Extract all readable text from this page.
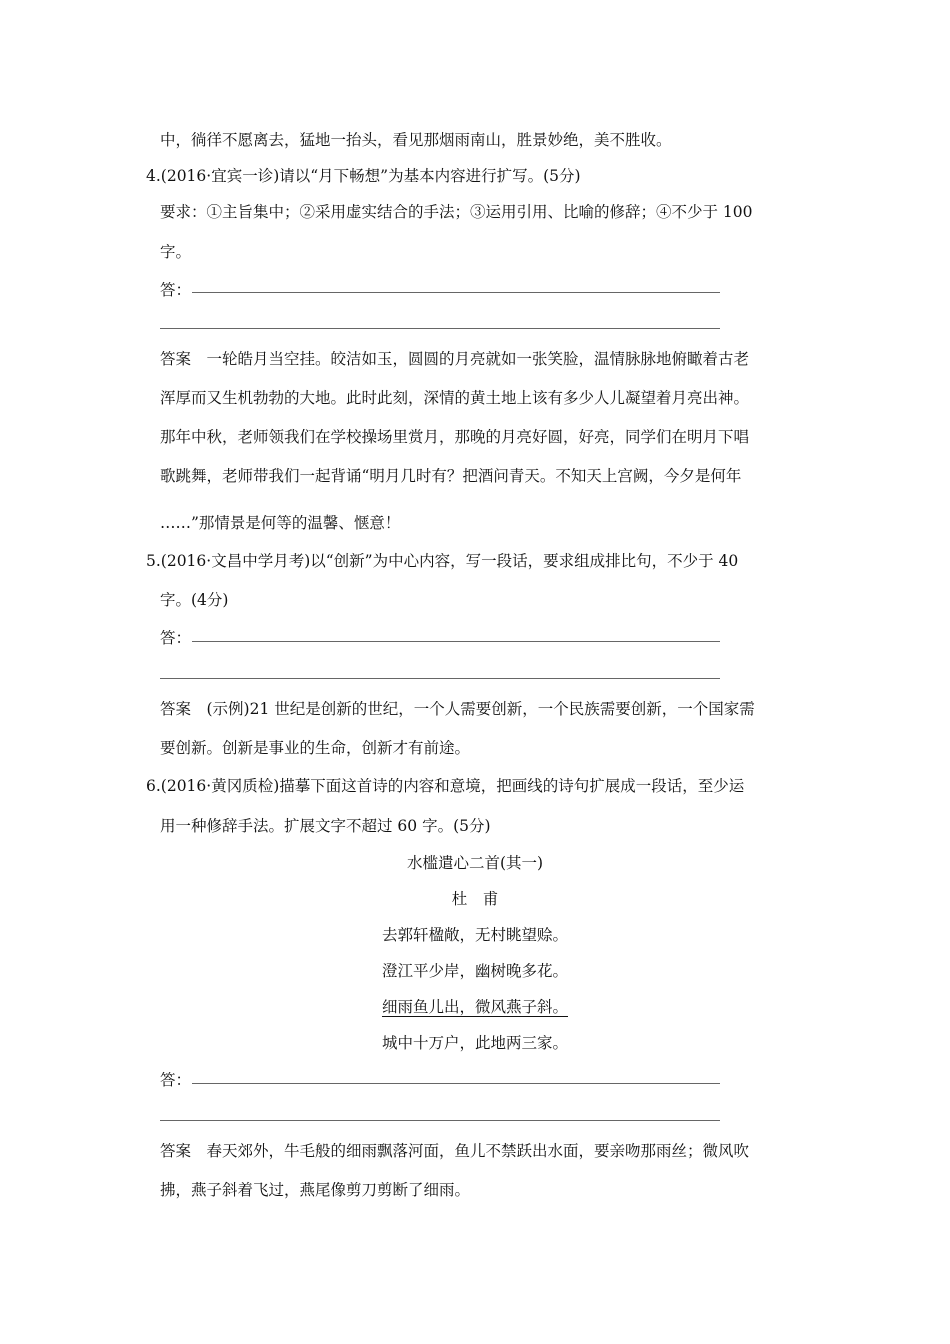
中，徜徉不愿离去，猛地一抬头，看见那烟雨南山，胜景妙绝，美不胜收。
4.(2016·宜宾一诊)请以“月下畅想”为基本内容进行扩写。(5分)
要求：①主旨集中；②采用虚实结合的手法；③运用引用、比喻的修辞；④不少于 100
字。
答：
答案　一轮皓月当空挂。皎洁如玉，圆圆的月亮就如一张笑脸，温情脉脉地俯瞰着古老
浑厚而又生机勃勃的大地。此时此刻，深情的黄土地上该有多少人儿凝望着月亮出神。
那年中秋，老师领我们在学校操场里赏月，那晚的月亮好圆，好亮，同学们在明月下唱
歌跳舞，老师带我们一起背诵“明月几时有？把酒问青天。不知天上宫阙，今夕是何年
……”那情景是何等的温馨、惬意！
5.(2016·文昌中学月考)以“创新”为中心内容，写一段话，要求组成排比句，不少于 40
字。(4分)
答：
答案　(示例)21 世纪是创新的世纪，一个人需要创新，一个民族需要创新，一个国家需
要创新。创新是事业的生命，创新才有前途。
6.(2016·黄冈质检)描摹下面这首诗的内容和意境，把画线的诗句扩展成一段话，至少运
用一种修辞手法。扩展文字不超过 60 字。(5分)
水槛遣心二首(其一)
杜　甫
去郭轩楹敞，无村眺望赊。
澄江平少岸，幽树晚多花。
细雨鱼儿出，微风燕子斜。
城中十万户，此地两三家。
答：
答案　春天郊外，牛毛般的细雨飘落河面，鱼儿不禁跃出水面，要亲吻那雨丝；微风吹
拂，燕子斜着飞过，燕尾像剪刀剪断了细雨。
